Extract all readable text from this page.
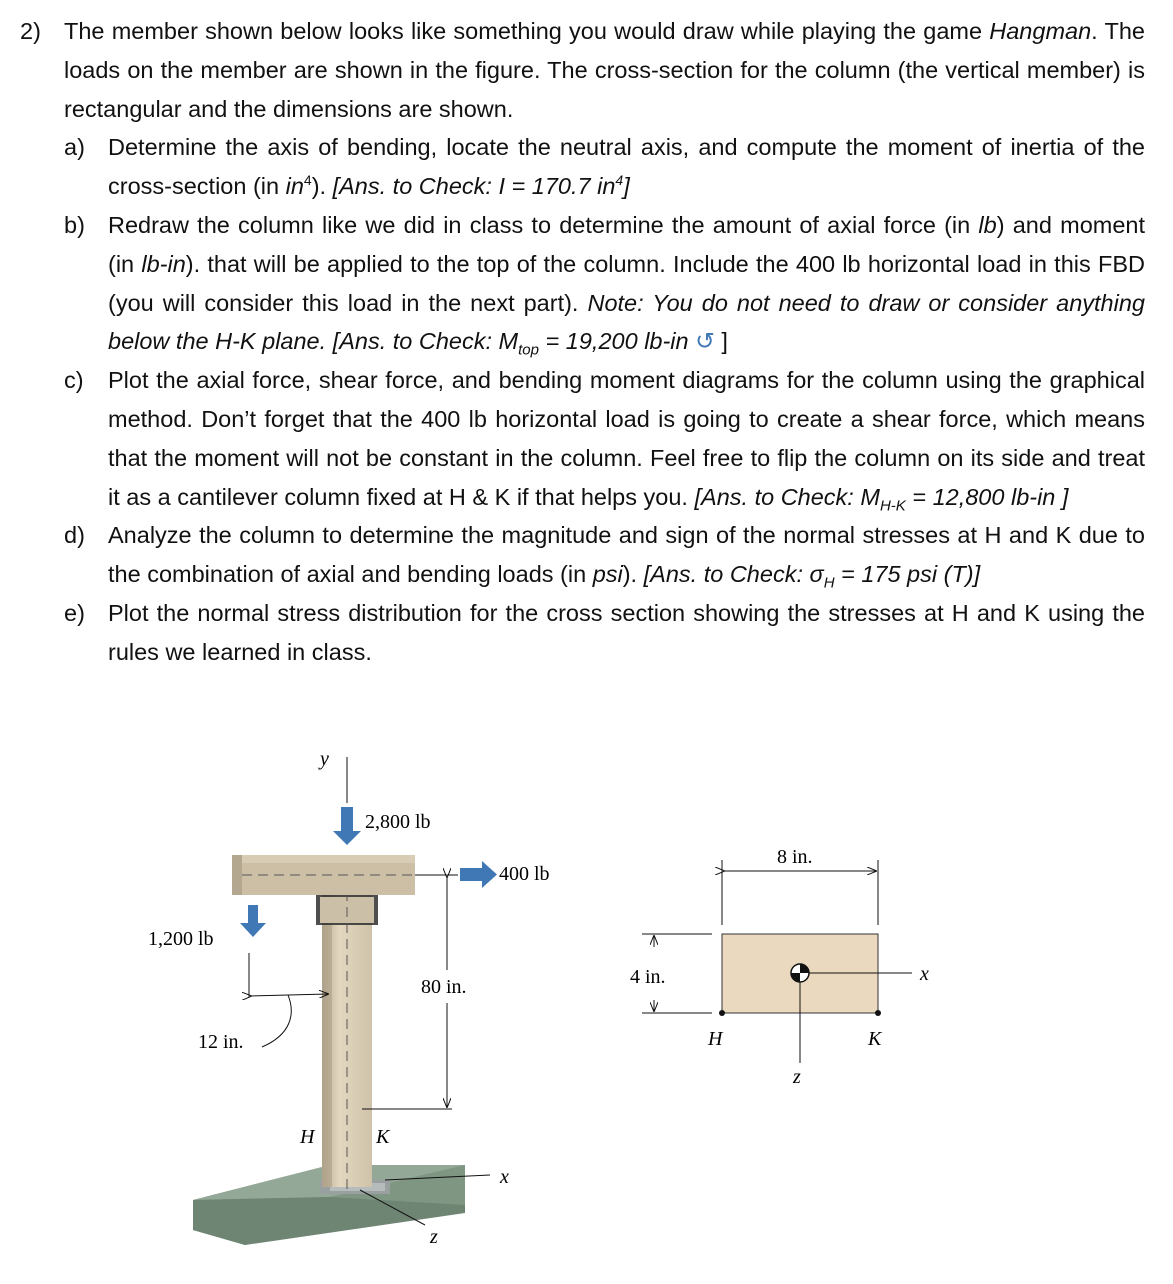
2) The member shown below looks like something you would draw while playing the game Hangman. The loads on the member are shown in the figure. The cross-section for the column (the vertical member) is rectangular and the dimensions are shown.
a) Determine the axis of bending, locate the neutral axis, and compute the moment of inertia of the cross-section (in $in^4$). [Ans. to Check: I = 170.7 $in^4$]
b) Redraw the column like we did in class to determine the amount of axial force (in lb) and moment (in lb-in). that will be applied to the top of the column. Include the 400 lb horizontal load in this FBD (you will consider this load in the next part). Note: You do not need to draw or consider anything below the H-K plane. [Ans. to Check: $M_{top} = 19,200$ lb-in ↺ ]
c) Plot the axial force, shear force, and bending moment diagrams for the column using the graphical method. Don’t forget that the 400 lb horizontal load is going to create a shear force, which means that the moment will not be constant in the column. Feel free to flip the column on its side and treat it as a cantilever column fixed at H & K if that helps you. [Ans. to Check: $M_{H-K} = 12,800$ lb-in ]
d) Analyze the column to determine the magnitude and sign of the normal stresses at H and K due to the combination of axial and bending loads (in psi). [Ans. to Check: $\sigma_H = 175$ psi (T)]
e) Plot the normal stress distribution for the cross section showing the stresses at H and K using the rules we learned in class.
y
2,800 lb
400 lb
80 in.
1,200 lb
12 in.
H	K
x
z
8 in.
4 in.	x
z
H	K
